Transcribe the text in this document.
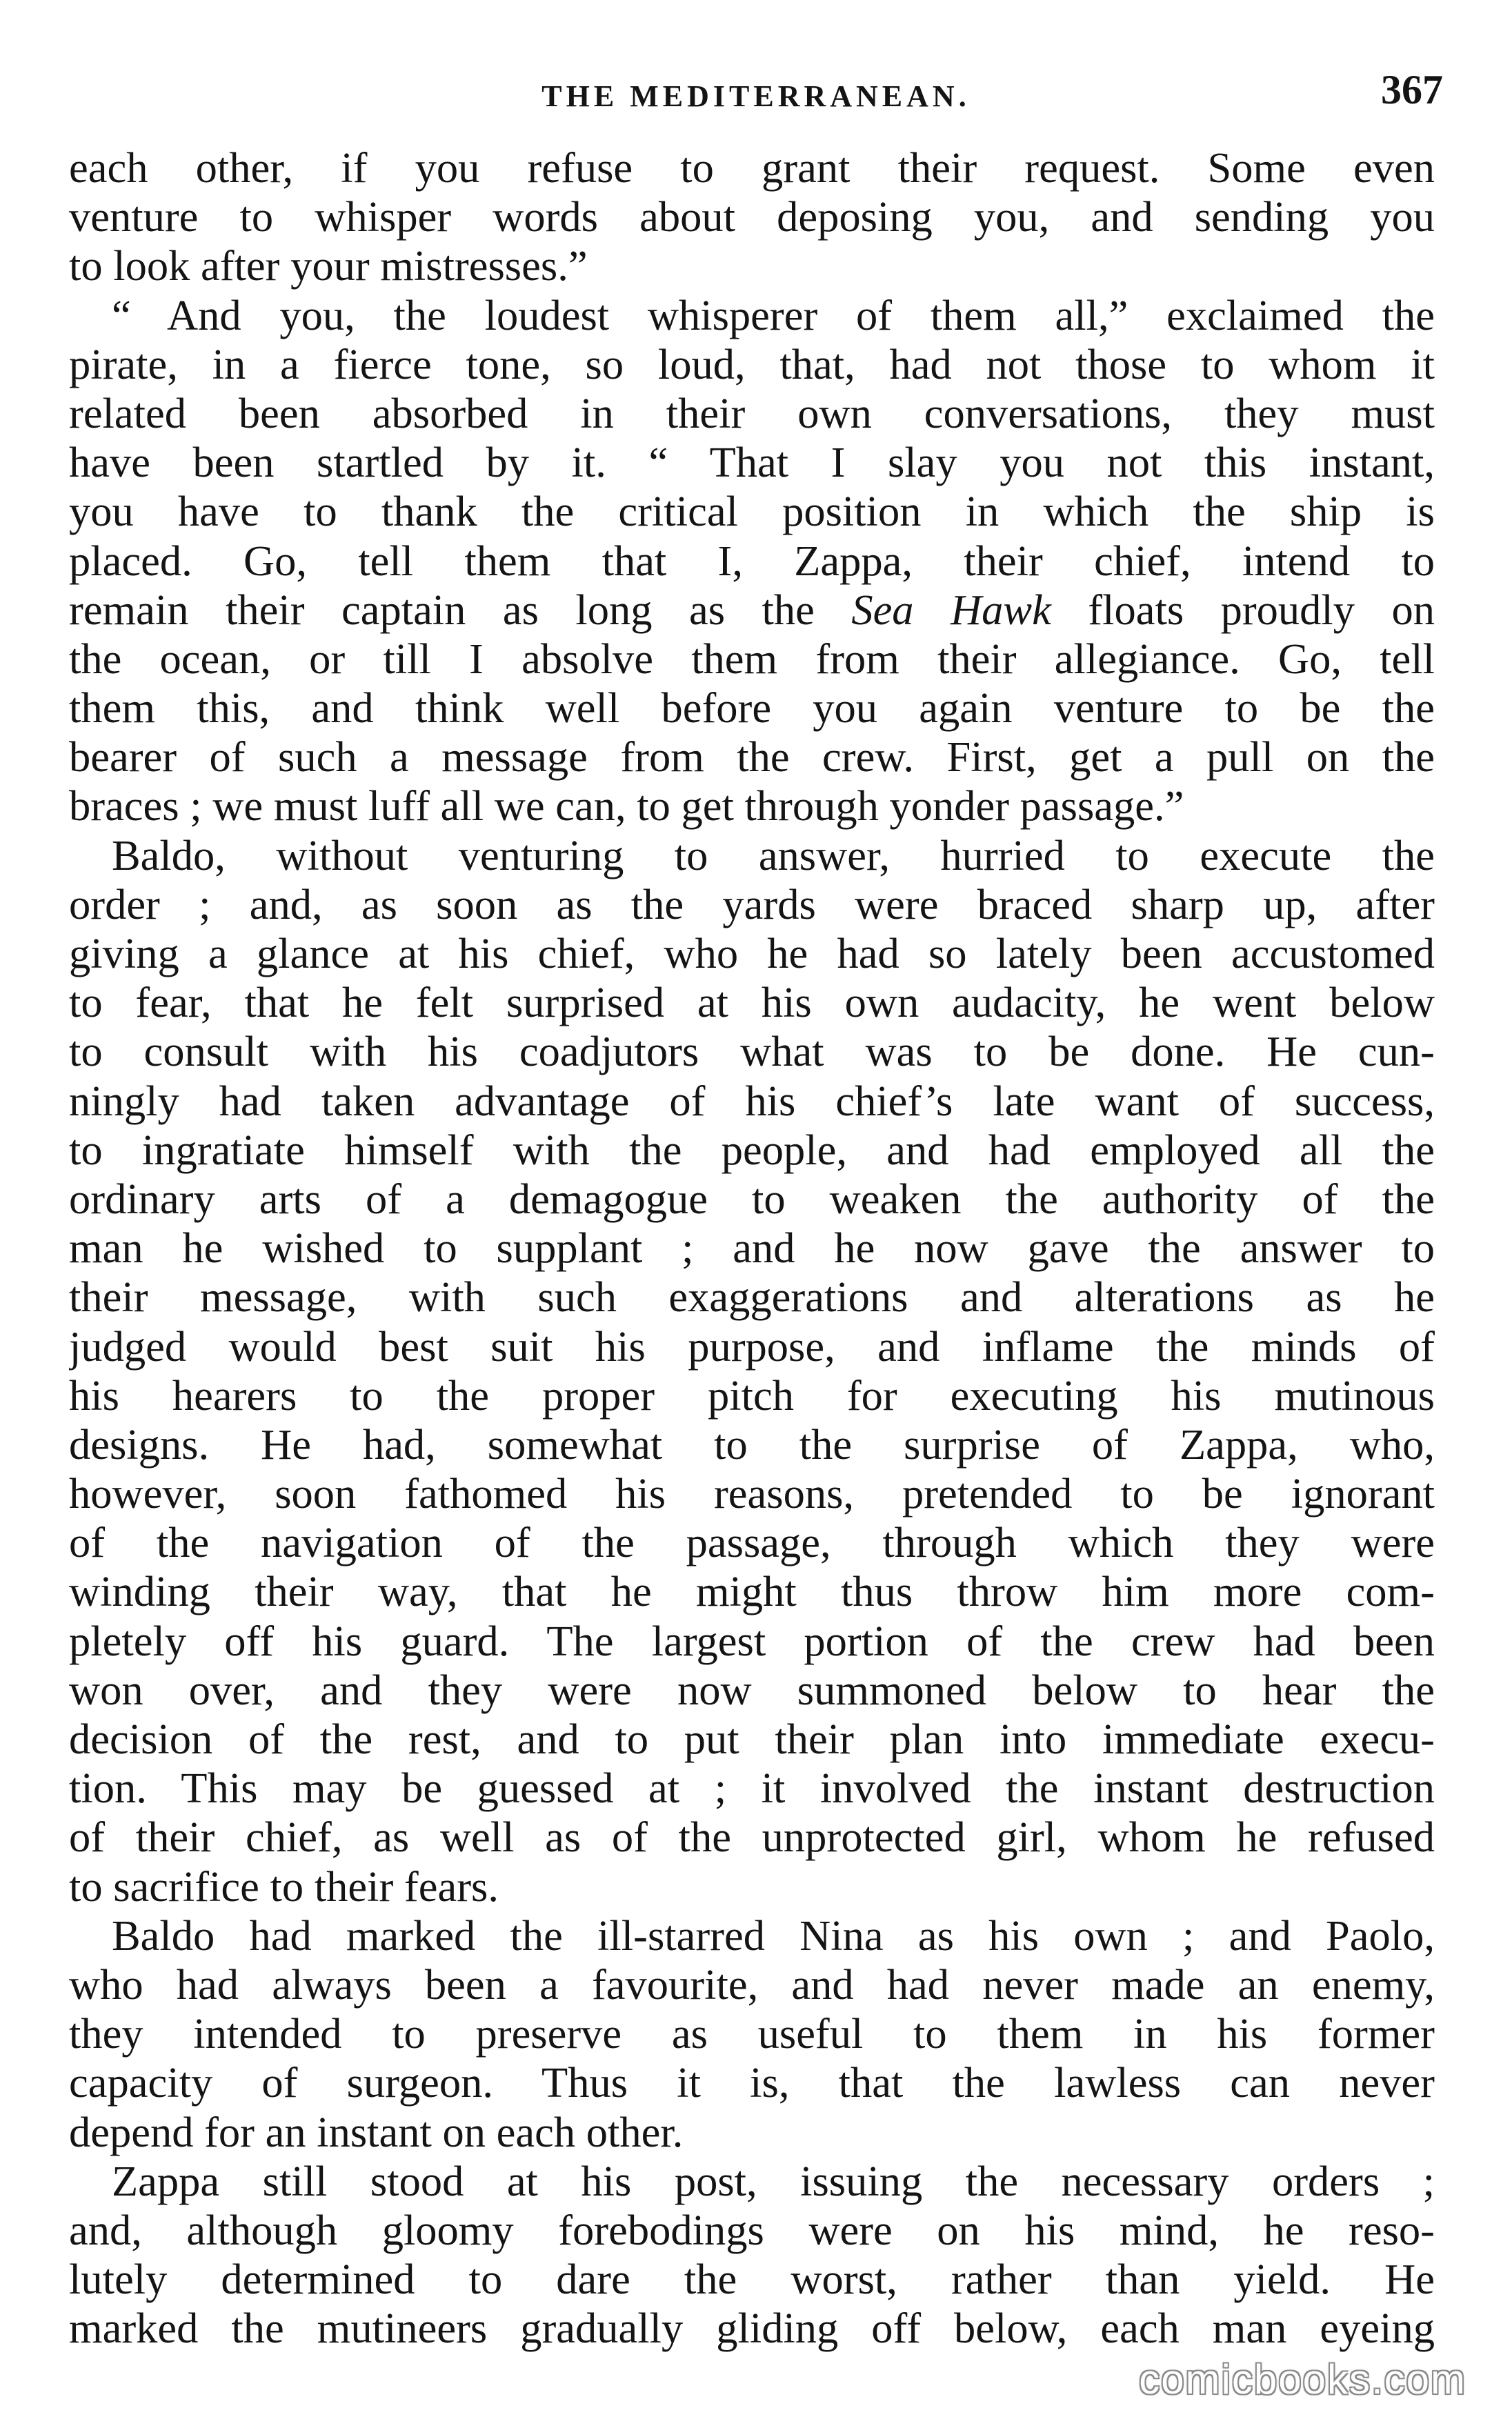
THE MEDITERRANEAN.	367
each other, if you refuse to grant their request. Some even
venture to whisper words about deposing you, and sending you
to look after your mistresses.”
“ And you, the loudest whisperer of them all,” exclaimed the
pirate, in a fierce tone, so loud, that, had not those to whom it
related been absorbed in their own conversations, they must
have been startled by it. “ That I slay you not this instant,
you have to thank the critical position in which the ship is
placed. Go, tell them that I, Zappa, their chief, intend to
remain their captain as long as the Sea Hawk floats proudly on
the ocean, or till I absolve them from their allegiance. Go, tell
them this, and think well before you again venture to be the
bearer of such a message from the crew. First, get a pull on the
braces ; we must luff all we can, to get through yonder passage.”
Baldo, without venturing to answer, hurried to execute the
order ; and, as soon as the yards were braced sharp up, after
giving a glance at his chief, who he had so lately been accustomed
to fear, that he felt surprised at his own audacity, he went below
to consult with his coadjutors what was to be done. He cun-
ningly had taken advantage of his chief’s late want of success,
to ingratiate himself with the people, and had employed all the
ordinary arts of a demagogue to weaken the authority of the
man he wished to supplant ; and he now gave the answer to
their message, with such exaggerations and alterations as he
judged would best suit his purpose, and inflame the minds of
his hearers to the proper pitch for executing his mutinous
designs. He had, somewhat to the surprise of Zappa, who,
however, soon fathomed his reasons, pretended to be ignorant
of the navigation of the passage, through which they were
winding their way, that he might thus throw him more com-
pletely off his guard. The largest portion of the crew had been
won over, and they were now summoned below to hear the
decision of the rest, and to put their plan into immediate execu-
tion. This may be guessed at ; it involved the instant destruction
of their chief, as well as of the unprotected girl, whom he refused
to sacrifice to their fears.
Baldo had marked the ill-starred Nina as his own ; and Paolo,
who had always been a favourite, and had never made an enemy,
they intended to preserve as useful to them in his former
capacity of surgeon. Thus it is, that the lawless can never
depend for an instant on each other.
Zappa still stood at his post, issuing the necessary orders ;
and, although gloomy forebodings were on his mind, he reso-
lutely determined to dare the worst, rather than yield. He
marked the mutineers gradually gliding off below, each man eyeing
comicbooks.com
